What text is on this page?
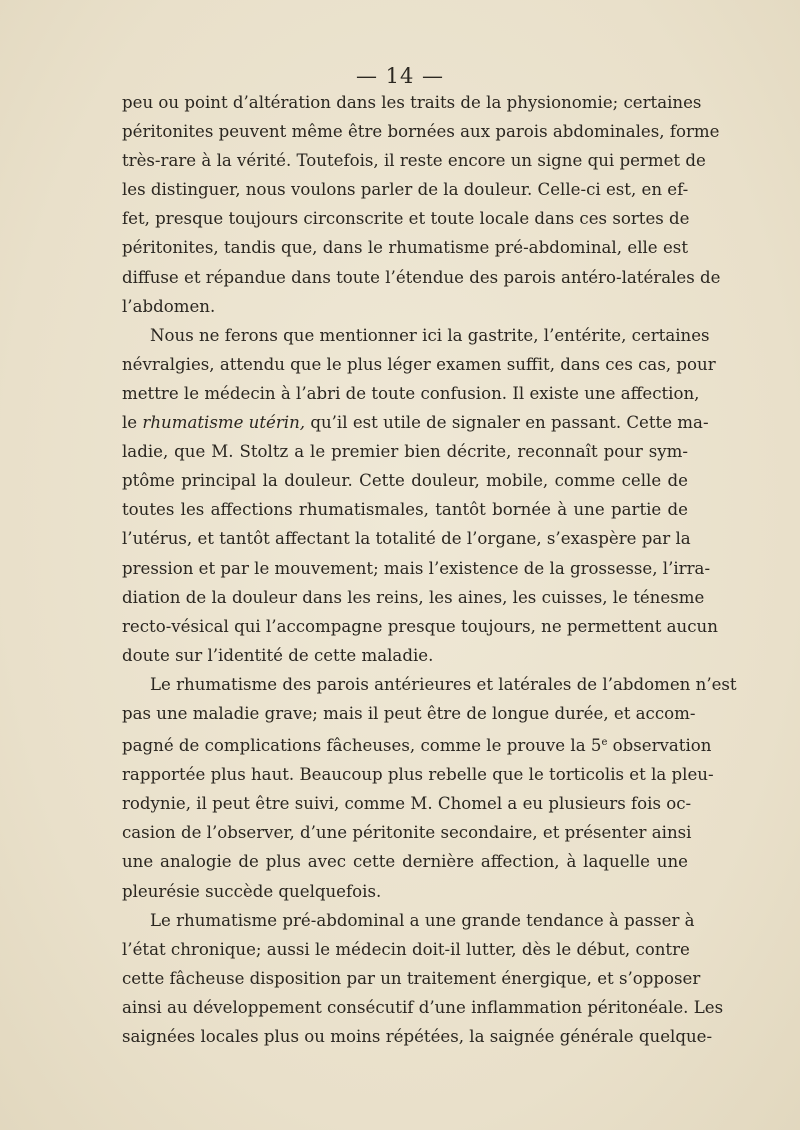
— 14 —
peu ou point d’altération dans les traits de la physionomie; certaines
péritonites peuvent même être bornées aux parois abdominales, forme
très-rare à la vérité. Toutefois, il reste encore un signe qui permet de
les distinguer, nous voulons parler de la douleur. Celle-ci est, en ef-
fet, presque toujours circonscrite et toute locale dans ces sortes de
péritonites, tandis que, dans le rhumatisme pré-abdominal, elle est
diffuse et répandue dans toute l’étendue des parois antéro-latérales de
l’abdomen.
Nous ne ferons que mentionner ici la gastrite, l’entérite, certaines
névralgies, attendu que le plus léger examen suffit, dans ces cas, pour
mettre le médecin à l’abri de toute confusion. Il existe une affection,
le rhumatisme utérin, qu’il est utile de signaler en passant. Cette ma-
ladie, que M. Stoltz a le premier bien décrite, reconnaît pour sym-
ptôme principal la douleur. Cette douleur, mobile, comme celle de
toutes les affections rhumatismales, tantôt bornée à une partie de
l’utérus, et tantôt affectant la totalité de l’organe, s’exaspère par la
pression et par le mouvement; mais l’existence de la grossesse, l’irra-
diation de la douleur dans les reins, les aines, les cuisses, le ténesme
recto-vésical qui l’accompagne presque toujours, ne permettent aucun
doute sur l’identité de cette maladie.
Le rhumatisme des parois antérieures et latérales de l’abdomen n’est
pas une maladie grave; mais il peut être de longue durée, et accom-
pagné de complications fâcheuses, comme le prouve la 5e observation
rapportée plus haut. Beaucoup plus rebelle que le torticolis et la pleu-
rodynie, il peut être suivi, comme M. Chomel a eu plusieurs fois oc-
casion de l’observer, d’une péritonite secondaire, et présenter ainsi
une analogie de plus avec cette dernière affection, à laquelle une
pleurésie succède quelquefois.
Le rhumatisme pré-abdominal a une grande tendance à passer à
l’état chronique; aussi le médecin doit-il lutter, dès le début, contre
cette fâcheuse disposition par un traitement énergique, et s’opposer
ainsi au développement consécutif d’une inflammation péritonéale. Les
saignées locales plus ou moins répétées, la saignée générale quelque-
